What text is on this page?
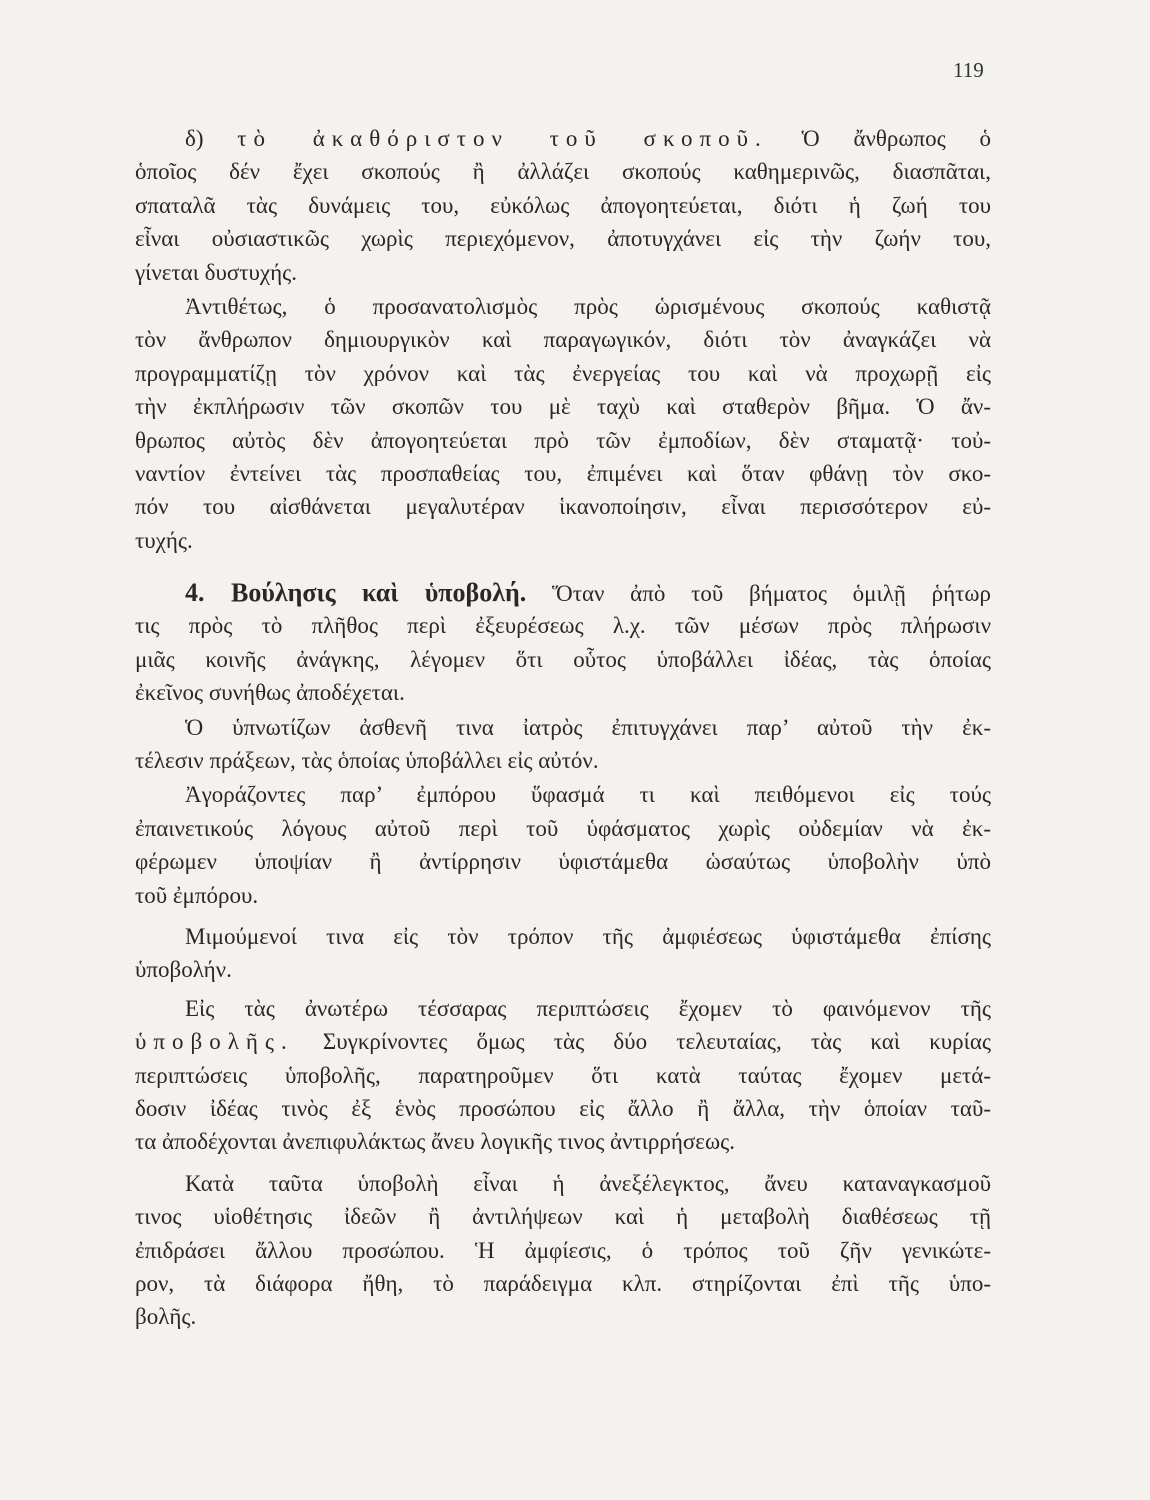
119
δ) τὸ ἀκαθόριστον τοῦ σκοποῦ. Ὁ ἄνθρωπος ὁ
ὁποῖος δέν ἔχει σκοπούς ἢ ἀλλάζει σκοπούς καθημερινῶς, διασπᾶται,
σπαταλᾶ τὰς δυνάμεις του, εὐκόλως ἀπογοητεύεται, διότι ἡ ζωή του
εἶναι οὐσιαστικῶς χωρὶς περιεχόμενον, ἀποτυγχάνει εἰς τὴν ζωήν του,
γίνεται δυστυχής.
Ἀντιθέτως, ὁ προσανατολισμὸς πρὸς ὡρισμένους σκοπούς καθιστᾷ
τὸν ἄνθρωπον δημιουργικὸν καὶ παραγωγικόν, διότι τὸν ἀναγκάζει νὰ
προγραμματίζῃ τὸν χρόνον καὶ τὰς ἐνεργείας του καὶ νὰ προχωρῇ εἰς
τὴν ἐκπλήρωσιν τῶν σκοπῶν του μὲ ταχὺ καὶ σταθερὸν βῆμα. Ὁ ἄν-
θρωπος αὐτὸς δὲν ἀπογοητεύεται πρὸ τῶν ἐμποδίων, δὲν σταματᾷ· τοὐ-
ναντίον ἐντείνει τὰς προσπαθείας του, ἐπιμένει καὶ ὅταν φθάνῃ τὸν σκο-
πόν του αἰσθάνεται μεγαλυτέραν ἱκανοποίησιν, εἶναι περισσότερον εὐ-
τυχής.
4. Βούλησις καὶ ὑποβολή. Ὅταν ἀπὸ τοῦ βήματος ὁμιλῇ ῥήτωρ
τις πρὸς τὸ πλῆθος περὶ ἐξευρέσεως λ.χ. τῶν μέσων πρὸς πλήρωσιν
μιᾶς κοινῆς ἀνάγκης, λέγομεν ὅτι οὗτος ὑποβάλλει ἰδέας, τὰς ὁποίας
ἐκεῖνος συνήθως ἀποδέχεται.
Ὁ ὑπνωτίζων ἀσθενῆ τινα ἰατρὸς ἐπιτυγχάνει παρ’ αὐτοῦ τὴν ἐκ-
τέλεσιν πράξεων, τὰς ὁποίας ὑποβάλλει εἰς αὐτόν.
Ἀγοράζοντες παρ’ ἐμπόρου ὕφασμά τι καὶ πειθόμενοι εἰς τούς
ἐπαινετικούς λόγους αὐτοῦ περὶ τοῦ ὑφάσματος χωρὶς οὐδεμίαν νὰ ἐκ-
φέρωμεν ὑποψίαν ἢ ἀντίρρησιν ὑφιστάμεθα ὡσαύτως ὑποβολὴν ὑπὸ
τοῦ ἐμπόρου.
Μιμούμενοί τινα εἰς τὸν τρόπον τῆς ἀμφιέσεως ὑφιστάμεθα ἐπίσης
ὑποβολήν.
Εἰς τὰς ἀνωτέρω τέσσαρας περιπτώσεις ἔχομεν τὸ φαινόμενον τῆς
ὑποβολῆς. Συγκρίνοντες ὅμως τὰς δύο τελευταίας, τὰς καὶ κυρίας
περιπτώσεις ὑποβολῆς, παρατηροῦμεν ὅτι κατὰ ταύτας ἔχομεν μετά-
δοσιν ἰδέας τινὸς ἐξ ἑνὸς προσώπου εἰς ἄλλο ἢ ἄλλα, τὴν ὁποίαν ταῦ-
τα ἀποδέχονται ἀνεπιφυλάκτως ἄνευ λογικῆς τινος ἀντιρρήσεως.
Κατὰ ταῦτα ὑποβολὴ εἶναι ἡ ἀνεξέλεγκτος, ἄνευ καταναγκασμοῦ
τινος υἱοθέτησις ἰδεῶν ἢ ἀντιλήψεων καὶ ἡ μεταβολὴ διαθέσεως τῇ
ἐπιδράσει ἄλλου προσώπου. Ἡ ἀμφίεσις, ὁ τρόπος τοῦ ζῆν γενικώτε-
ρον, τὰ διάφορα ἤθη, τὸ παράδειγμα κλπ. στηρίζονται ἐπὶ τῆς ὑπο-
βολῆς.
